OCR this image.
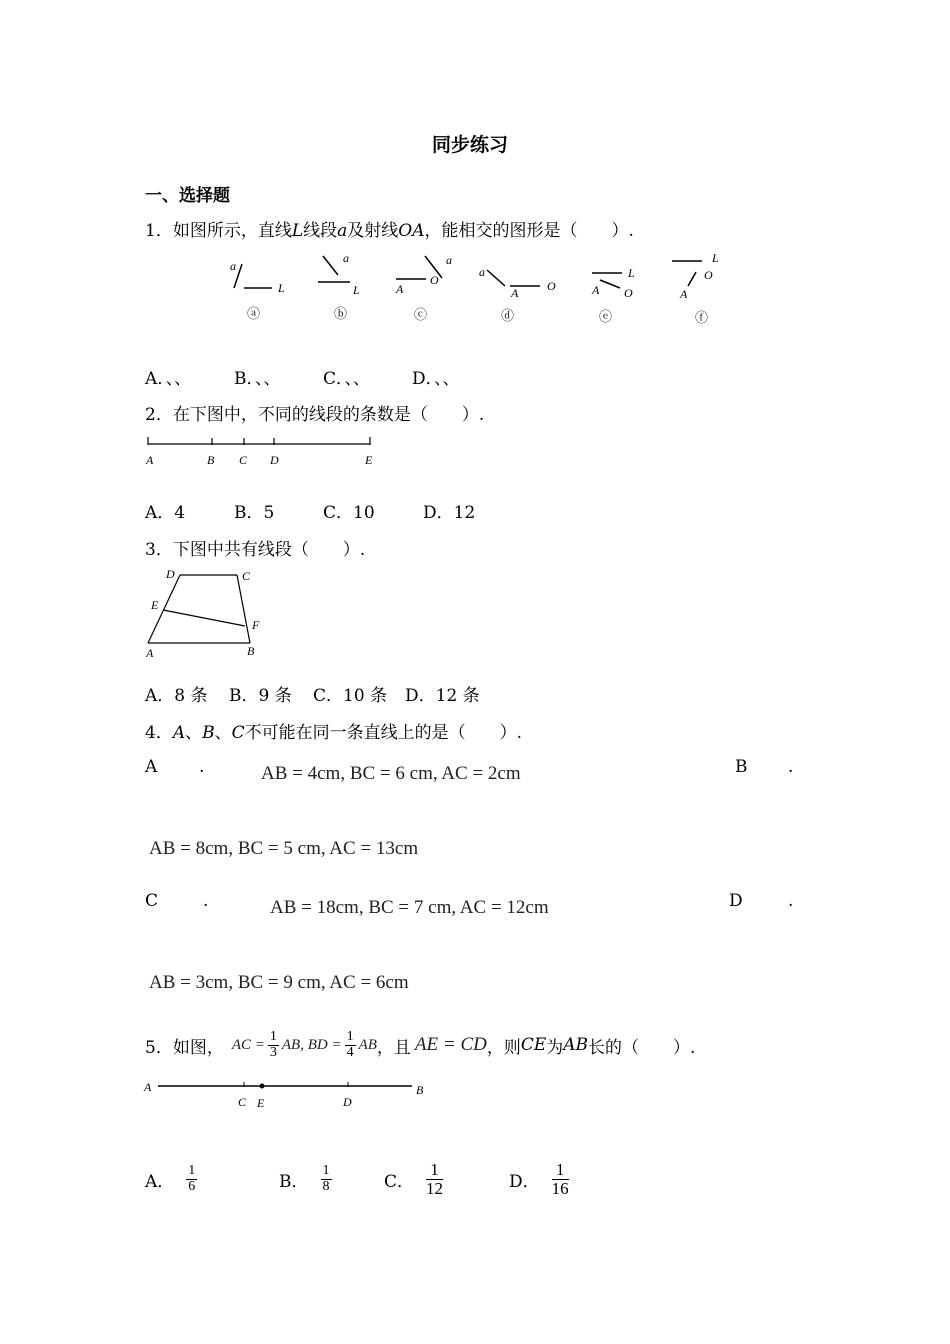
同步练习
一、选择题
1．如图所示，直线L线段a及射线OA，能相交的图形是（　　）.
a
L
a
L
a
A
O
a
A O
L
A O
L
O
A
ⓐ	ⓑ	ⓒ	ⓓ	ⓔ	ⓕ
A．、、	B．、、	C．、、 D．、、
2．在下图中，不同的线段的条数是（　　）.
A	B C D	E
A．4	B．5	C．10	D．12
3．下图中共有线段（　　）.
D	C
E
F
A	B
A．8 条 B．9 条 C．10 条 D．12 条
4．A、B、C不可能在同一条直线上的是（　　）.
A .	AB = 4cm, BC = 6 cm, AC = 2cm	B .
AB = 8cm, BC = 5 cm, AC = 13cm
C	.	AB = 18cm, BC = 7 cm, AC = 12cm	D	.
AB = 3cm, BC = 9 cm, AC = 6cm
5． 如图， AC = $\frac{1}{3}$ AB, BD = $\frac{1}{4}$ AB ，且 AE = CD ，则 CE 为 AB 长的（　　）.
A	B
C E	D
A． $\frac{1}{6}$	B． $\frac{1}{8}$	C． $\frac{1}{12}$	D． $\frac{1}{16}$
